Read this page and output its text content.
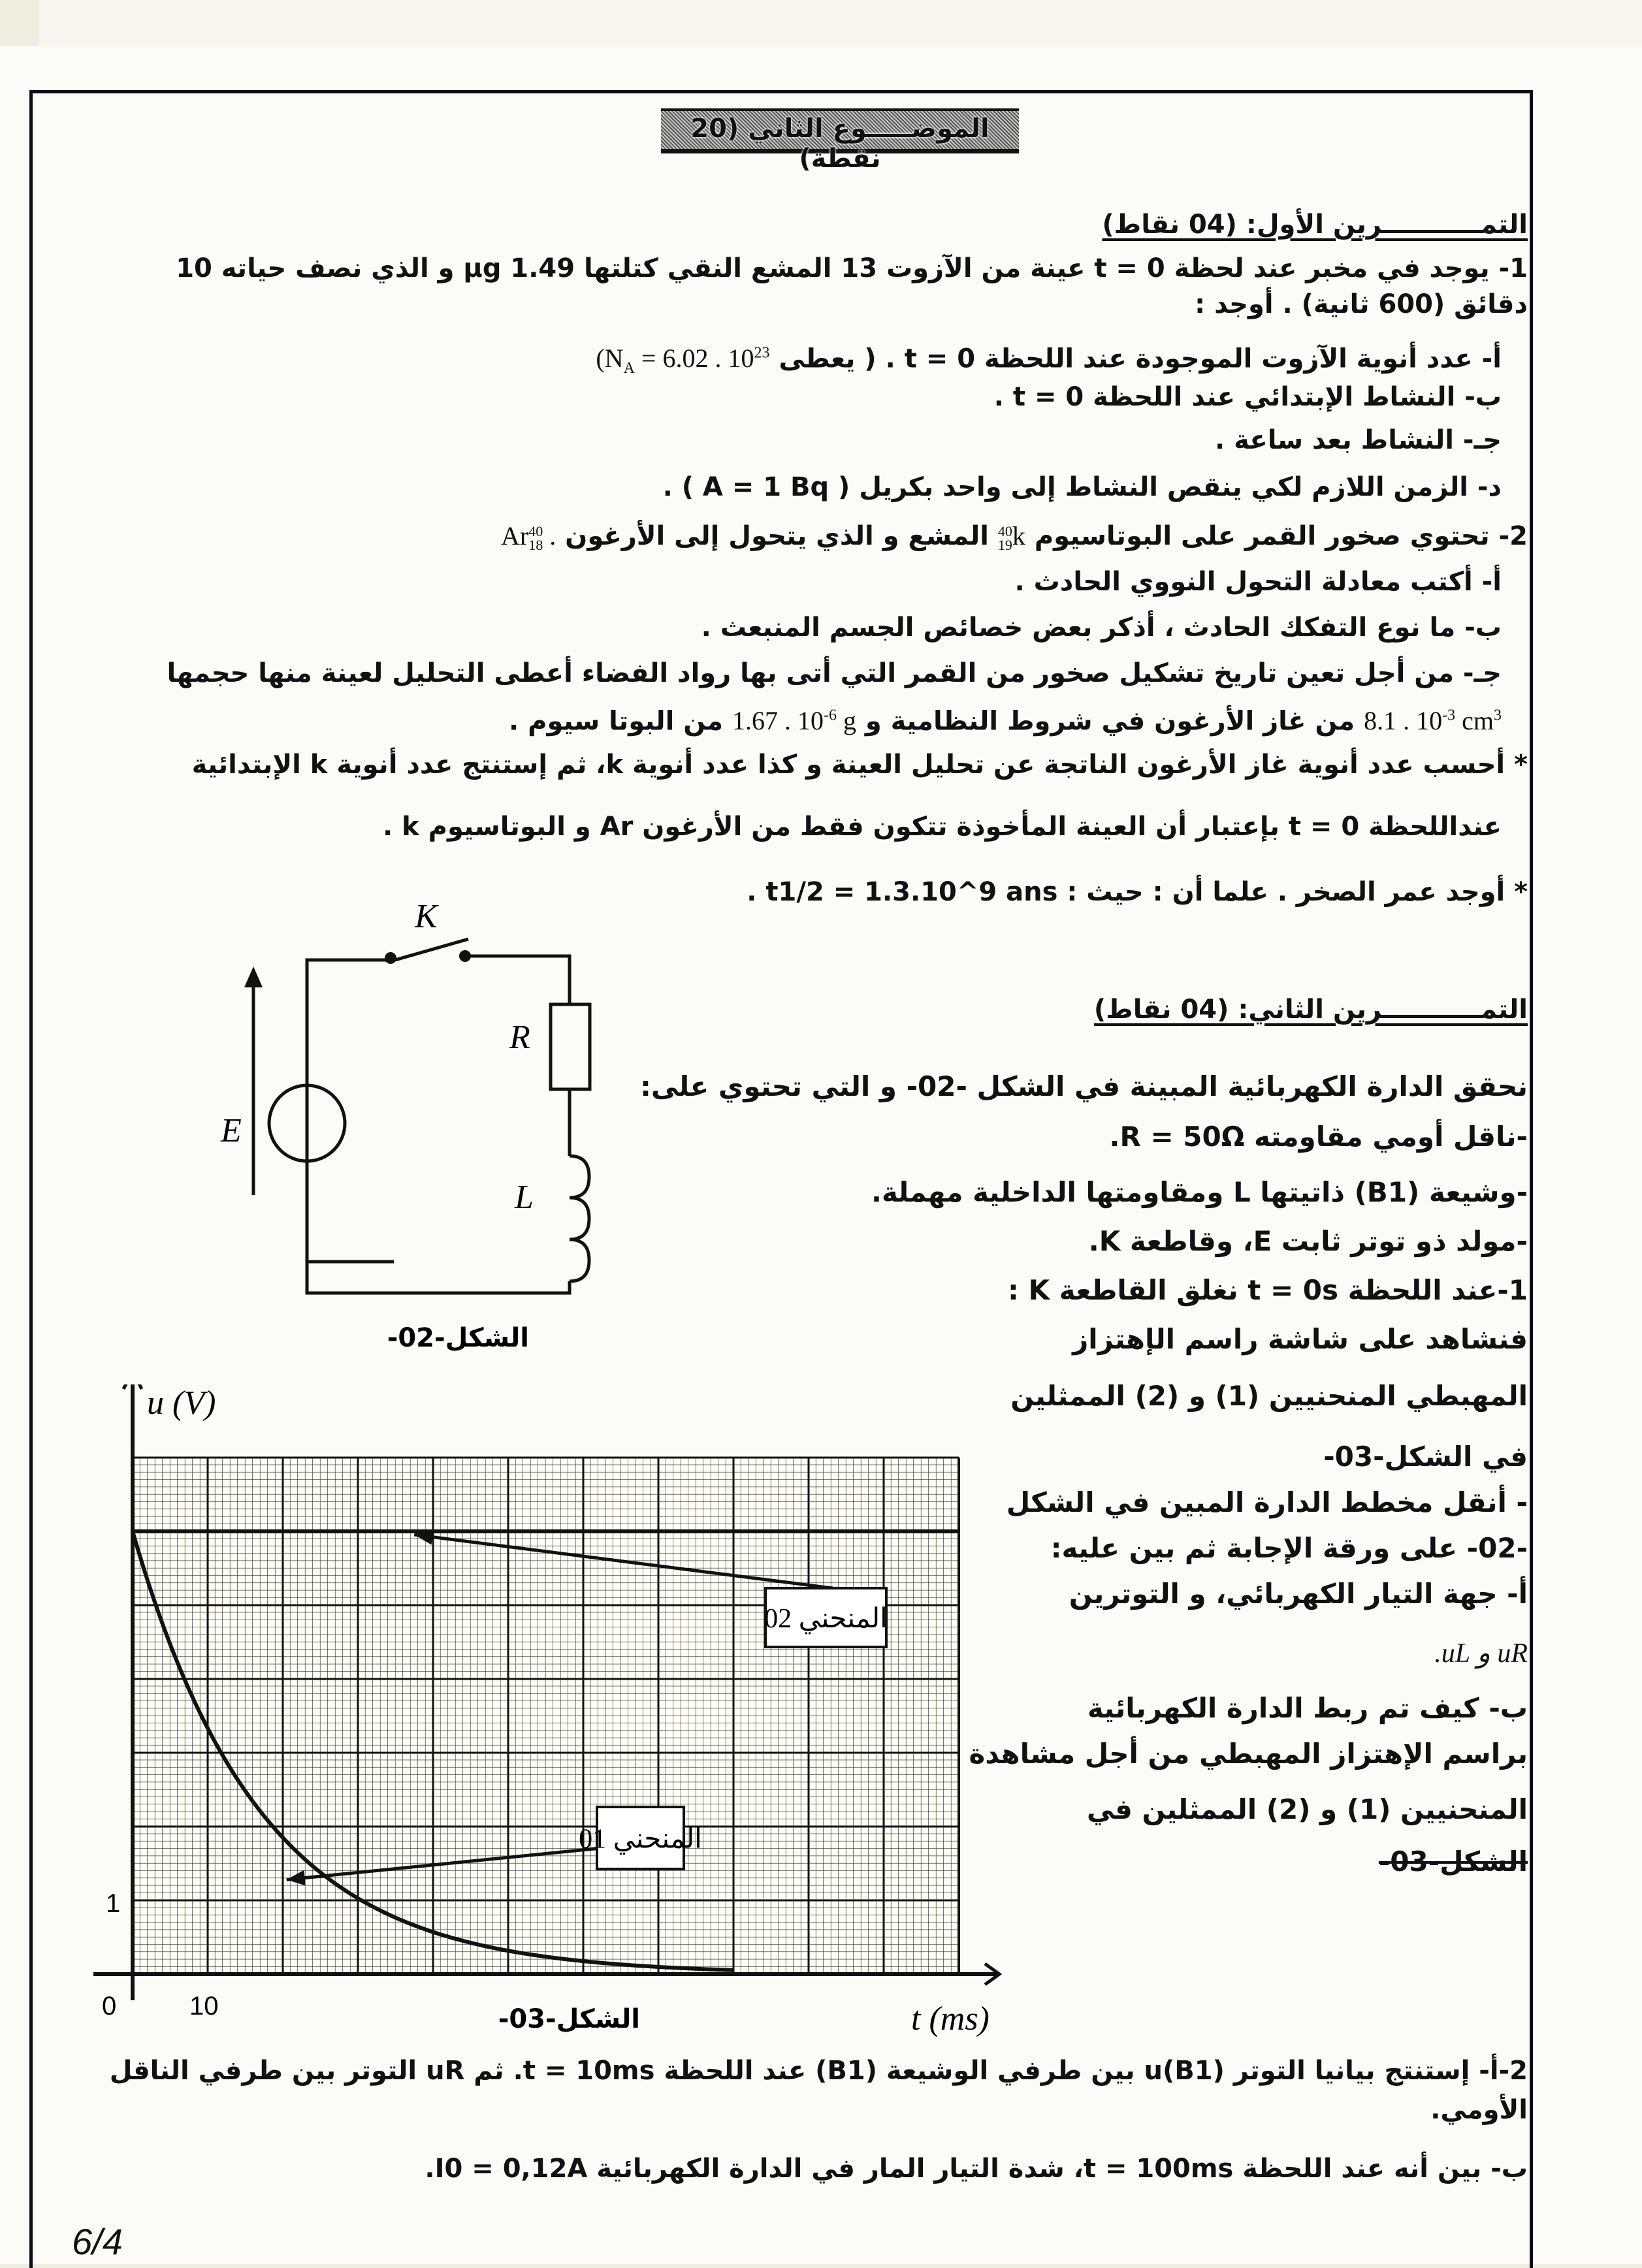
الموضـــــوع الثاني (20 نقطة)
التمـــــــــــرين الأول: (04 نقاط)
1- يوجد في مخبر عند لحظة t = 0 عينة من الآزوت 13 المشع النقي كتلتها 1.49 μg و الذي نصف حياته 10
دقائق (600 ثانية) . أوجد :
أ- عدد أنوية الآزوت الموجودة عند اللحظة t = 0 . ( يعطى ($N_A = 6.02$ . $10^{23}$
ب- النشاط الإبتدائي عند اللحظة t = 0 .
جـ- النشاط بعد ساعة .
د- الزمن اللازم لكي ينقص النشاط إلى واحد بكريل ( A = 1 Bq ) .
2- تحتوي صخور القمر على البوتاسيوم
40
19 k المشع و الذي يتحول إلى الأرغون Ar 40
18 .
أ- أكتب معادلة التحول النووي الحادث .
ب- ما نوع التفكك الحادث ، أذكر بعض خصائص الجسم المنبعث .
جـ- من أجل تعين تاريخ تشكيل صخور من القمر التي أتى بها رواد الفضاء أعطى التحليل لعينة منها حجمها
8.1 . $10^{-3}$ $cm^3$ من غاز الأرغون في شروط النظامية و 1.67 . $10^{-6}$ g من البوتا سيوم .
* أحسب عدد أنوية غاز الأرغون الناتجة عن تحليل العينة و كذا عدد أنوية k، ثم إستنتج عدد أنوية k الإبتدائية
عنداللحظة t = 0 بإعتبار أن العينة المأخوذة تتكون فقط من الأرغون Ar و البوتاسيوم k .
* أوجد عمر الصخر . علما أن : حيث : t1/2 = 1.3.10^9 ans .
K
R
L
E
الشكل-02-
التمـــــــــــرين الثاني: (04 نقاط)
نحقق الدارة الكهربائية المبينة في الشكل -02- و التي تحتوي على:
-ناقل أومي مقاومته R = 50Ω.
-وشيعة (B1) ذاتيتها L ومقاومتها الداخلية مهملة.
-مولد ذو توتر ثابت E، وقاطعة K.
1-عند اللحظة t = 0s نغلق القاطعة K :
فنشاهد على شاشة راسم الإهتزاز
المهبطي المنحنيين (1) و (2) الممثلين
في الشكل-03-
- أنقل مخطط الدارة المبين في الشكل
-02- على ورقة الإجابة ثم بين عليه:
أ- جهة التيار الكهربائي، و التوترين
uR و uL.
ب- كيف تم ربط الدارة الكهربائية
براسم الإهتزاز المهبطي من أجل مشاهدة
المنحنيين (1) و (2) الممثلين في
الشكل-03-
المنحني 02
المنحني 01
u (V)
t (ms)
0	10
1
الشكل-03-
2-أ- إستنتج بيانيا التوتر u(B1) بين طرفي الوشيعة (B1) عند اللحظة t = 10ms. ثم uR التوتر بين طرفي الناقل
الأومي.
ب- بين أنه عند اللحظة t = 100ms، شدة التيار المار في الدارة الكهربائية I0 = 0,12A.
6/4
